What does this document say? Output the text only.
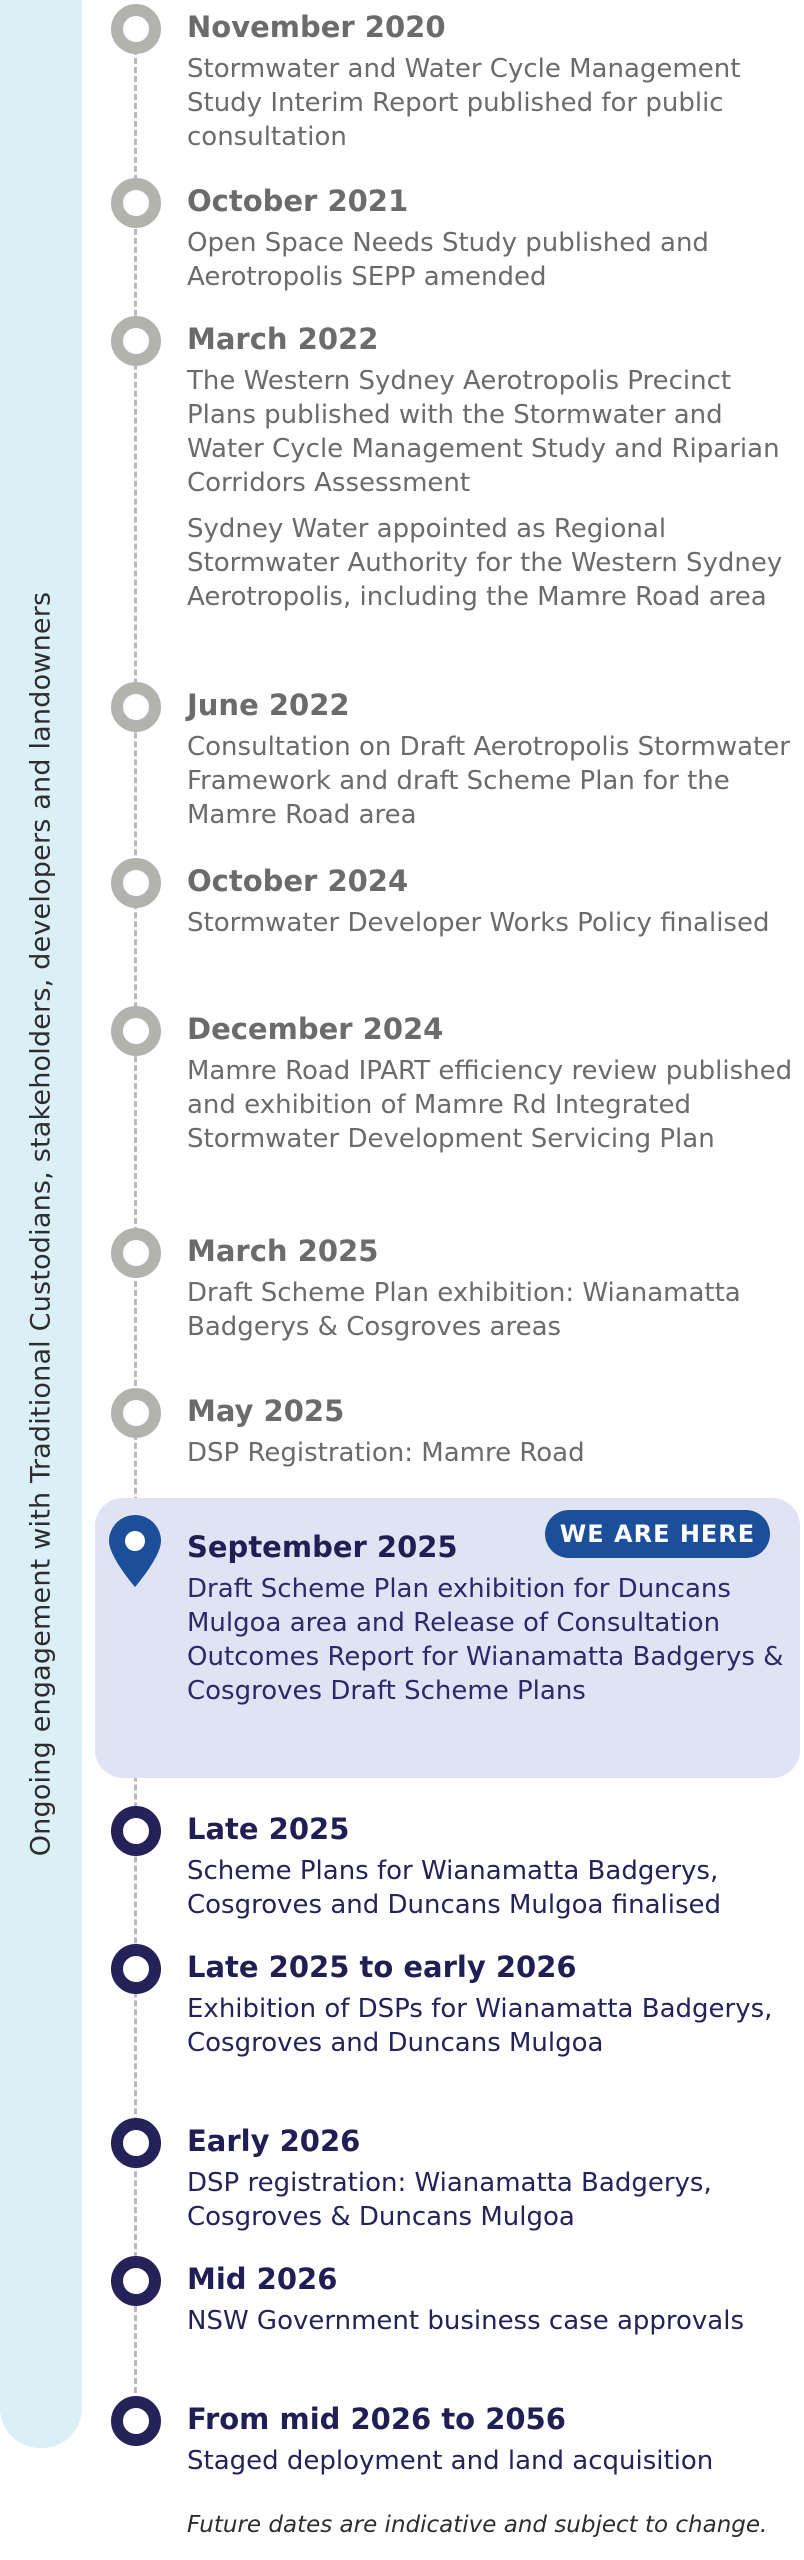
Ongoing engagement with Traditional Custodians, stakeholders, developers and landowners	WE ARE HERE
November 2020
Stormwater and Water Cycle Management Study Interim Report published for public consultation
October 2021
Open Space Needs Study published and Aerotropolis SEPP amended
March 2022
The Western Sydney Aerotropolis Precinct Plans published with the Stormwater and Water Cycle Management Study and Riparian Corridors Assessment
Sydney Water appointed as Regional Stormwater Authority for the Western Sydney Aerotropolis, including the Mamre Road area
June 2022
Consultation on Draft Aerotropolis Stormwater Framework and draft Scheme Plan for the Mamre Road area
October 2024
Stormwater Developer Works Policy finalised
December 2024
Mamre Road IPART efficiency review published and exhibition of Mamre Rd Integrated Stormwater Development Servicing Plan
March 2025
Draft Scheme Plan exhibition: Wianamatta Badgerys & Cosgroves areas
May 2025
DSP Registration: Mamre Road
September 2025
Draft Scheme Plan exhibition for Duncans Mulgoa area and Release of Consultation Outcomes Report for Wianamatta Badgerys & Cosgroves Draft Scheme Plans
Late 2025
Scheme Plans for Wianamatta Badgerys, Cosgroves and Duncans Mulgoa finalised
Late 2025 to early 2026
Exhibition of DSPs for Wianamatta Badgerys, Cosgroves and Duncans Mulgoa
Early 2026
DSP registration: Wianamatta Badgerys, Cosgroves & Duncans Mulgoa
Mid 2026
NSW Government business case approvals
From mid 2026 to 2056
Staged deployment and land acquisition
Future dates are indicative and subject to change.
